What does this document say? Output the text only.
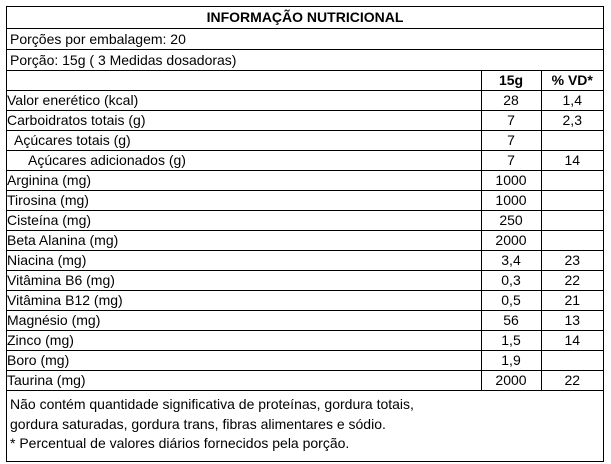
INFORMAÇÃO NUTRICIONAL
Porções por embalagem: 20
Porção: 15g ( 3 Medidas dosadoras)
	15g	% VD*
Valor enerético (kcal)	28	1,4
Carboidratos totais (g)	7	2,3
Açúcares totais (g)	7	
Açúcares adicionados (g)	7	14
Arginina (mg)	1000	
Tirosina (mg)	1000	
Cisteína (mg)	250	
Beta Alanina (mg)	2000	
Niacina (mg)	3,4	23
Vitâmina B6 (mg)	0,3	22
Vitâmina B12 (mg)	0,5	21
Magnésio (mg)	56	13
Zinco (mg)	1,5	14
Boro (mg)	1,9	
Taurina (mg)	2000	22
Não contém quantidade significativa de proteínas, gordura totais,
gordura saturadas, gordura trans, fibras alimentares e sódio.
* Percentual de valores diários fornecidos pela porção.
